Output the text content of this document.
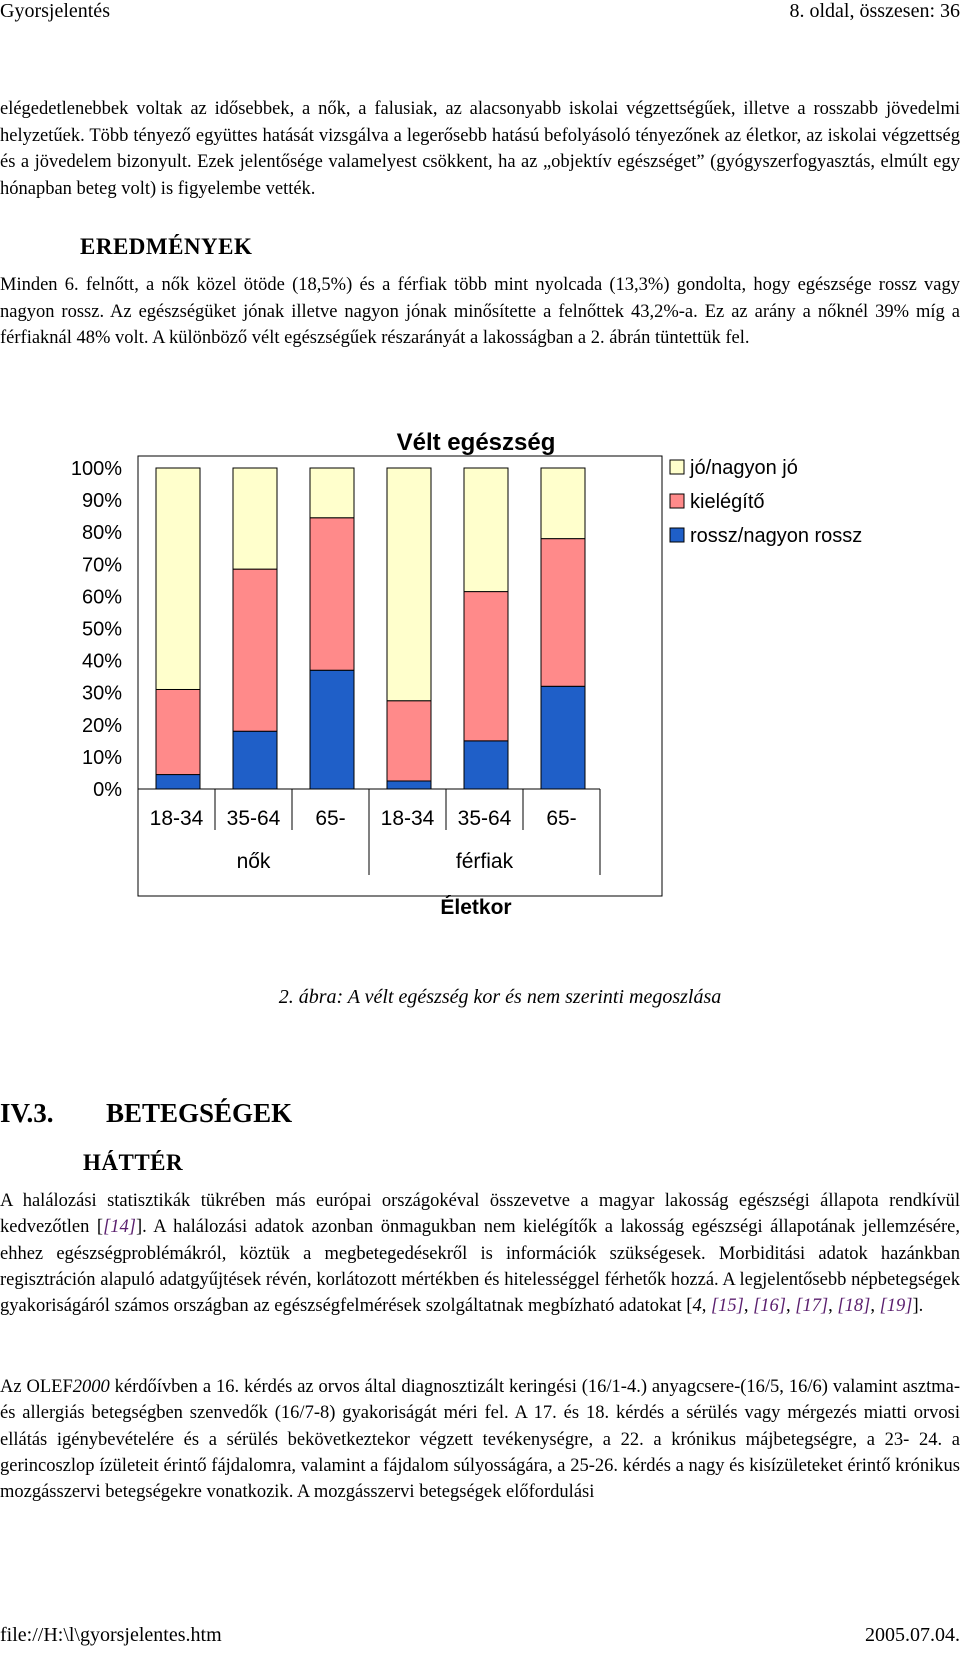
Gyorsjelentés	8. oldal, összesen: 36

elégedetlenebbek voltak az idősebbek, a nők, a falusiak, az alacsonyabb iskolai végzettségűek, illetve a rosszabb jövedelmi helyzetűek. Több tényező együttes hatását vizsgálva a legerősebb hatású befolyásoló tényezőnek az életkor, az iskolai végzettség és a jövedelem bizonyult. Ezek jelentősége valamelyest csökkent, ha az „objektív egészséget” (gyógyszerfogyasztás, elmúlt egy hónapban beteg volt) is figyelembe vették.

EREDMÉNYEK

Minden 6. felnőtt, a nők közel ötöde (18,5%) és a férfiak több mint nyolcada (13,3%) gondolta, hogy egészsége rossz vagy nagyon rossz. Az egészségüket jónak illetve nagyon jónak minősítette a felnőttek 43,2%-a. Ez az arány a nőknél 39% míg a férfiaknál 48% volt. A különböző vélt egészségűek részarányát a lakosságban a 2. ábrán tüntettük fel.

Vélt egészség
0%
10%
20%
30%
40%
50%
60%
70%
80%
90%
100%
18-34 35-64 65- 18-34 35-64 65-
nők	férfiak
jó/nagyon jó
kielégítő
rossz/nagyon rossz
Életkor
2. ábra: A vélt egészség kor és nem szerinti megoszlása
IV.3. BETEGSÉGEK
HÁTTÉR

A halálozási statisztikák tükrében más európai országokéval összevetve a magyar lakosság egészségi állapota rendkívül kedvezőtlen [[14]]. A halálozási adatok azonban önmagukban nem kielégítők a lakosság egészségi állapotának jellemzésére, ehhez egészségproblémákról, köztük a megbetegedésekről is információk szükségesek. Morbiditási adatok hazánkban regisztráción alapuló adatgyűjtések révén, korlátozott mértékben és hitelességgel férhetők hozzá. A legjelentősebb népbetegségek gyakoriságáról számos országban az egészségfelmérések szolgáltatnak megbízható adatokat [4, [15], [16], [17], [18], [19]].

Az OLEF2000 kérdőívben a 16. kérdés az orvos által diagnosztizált keringési (16/1-4.) anyagcsere-(16/5, 16/6) valamint asztma- és allergiás betegségben szenvedők (16/7-8) gyakoriságát méri fel. A 17. és 18. kérdés a sérülés vagy mérgezés miatti orvosi ellátás igénybevételére és a sérülés bekövetkeztekor végzett tevékenységre, a 22. a krónikus májbetegségre, a 23- 24. a gerincoszlop ízületeit érintő fájdalomra, valamint a fájdalom súlyosságára, a 25-26. kérdés a nagy és kisízületeket érintő krónikus mozgásszervi betegségekre vonatkozik. A mozgásszervi betegségek előfordulási

file://H:\l\gyorsjelentes.htm	2005.07.04.
